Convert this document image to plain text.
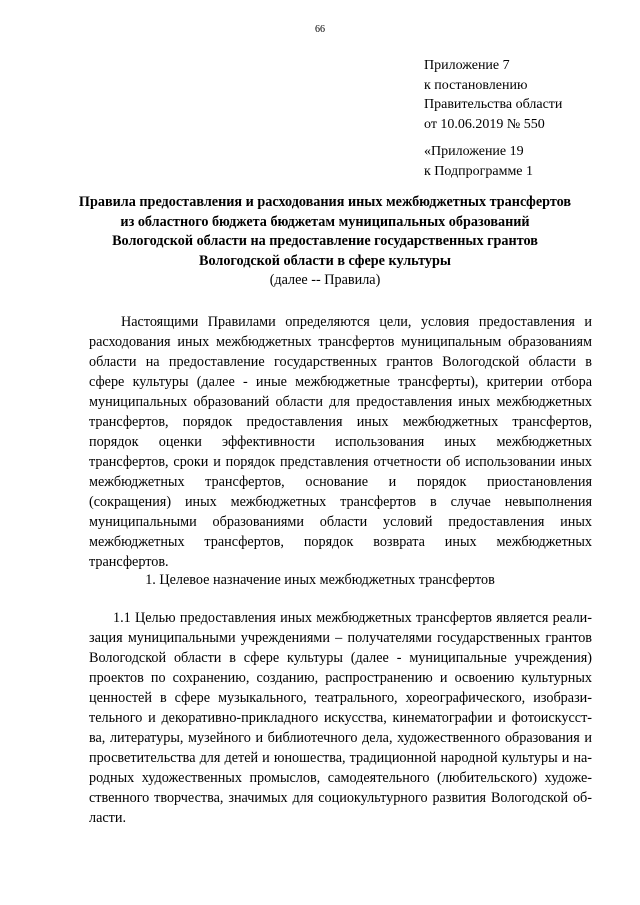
66
Приложение 7
к постановлению
Правительства области
от 10.06.2019 № 550
«Приложение 19
к Подпрограмме 1
Правила предоставления и расходования иных межбюджетных трансфертов
из областного бюджета бюджетам муниципальных образований
Вологодской области на предоставление государственных грантов
Вологодской области в сфере культуры
(далее -- Правила)
Настоящими Правилами определяются цели, условия предоставления и
расходования иных межбюджетных трансфертов муниципальным образованиям
области на предоставление государственных грантов Вологодской области в
сфере культуры (далее - иные межбюджетные трансферты), критерии отбора
муниципальных образований области для предоставления иных межбюджетных
трансфертов, порядок предоставления иных межбюджетных трансфертов,
порядок оценки эффективности использования иных межбюджетных
трансфертов, сроки и порядок представления отчетности об использовании иных
межбюджетных трансфертов, основание и порядок приостановления
(сокращения) иных межбюджетных трансфертов в случае невыполнения
муниципальными образованиями области условий предоставления иных
межбюджетных трансфертов, порядок возврата иных межбюджетных
трансфертов.
1. Целевое назначение иных межбюджетных трансфертов
1.1 Целью предоставления иных межбюджетных трансфертов является реали-
зация муниципальными учреждениями – получателями государственных грантов
Вологодской области в сфере культуры (далее - муниципальные учреждения)
проектов по сохранению, созданию, распространению и освоению культурных
ценностей в сфере музыкального, театрального, хореографического, изобрази-
тельного и декоративно-прикладного искусства, кинематографии и фотоискусст-
ва, литературы, музейного и библиотечного дела, художественного образования и
просветительства для детей и юношества, традиционной народной культуры и на-
родных художественных промыслов, самодеятельного (любительского) художе-
ственного творчества, значимых для социокультурного развития Вологодской об-
ласти.
